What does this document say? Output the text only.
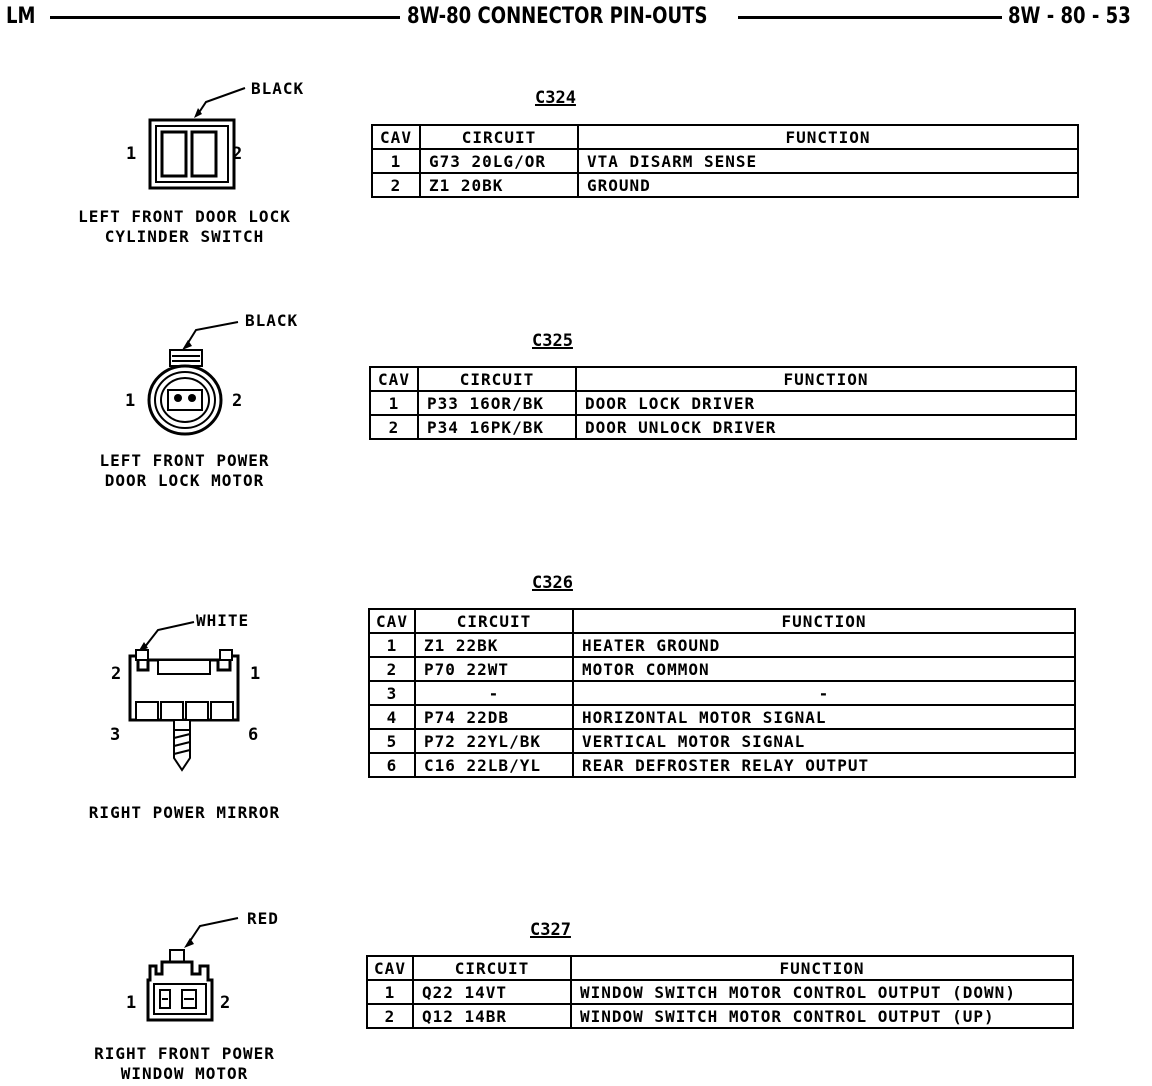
LM	8W-80 CONNECTOR PIN-OUTS	8W - 80 - 53
BLACK
1	2
LEFT FRONT DOOR LOCK
CYLINDER SWITCH
C324
CAV	CIRCUIT	FUNCTION
1	G73 20LG/OR	VTA DISARM SENSE
2	Z1 20BK	GROUND
BLACK
1	2
LEFT FRONT POWER
DOOR LOCK MOTOR
C325
CAV	CIRCUIT	FUNCTION
1	P33 16OR/BK	DOOR LOCK DRIVER
2	P34 16PK/BK	DOOR UNLOCK DRIVER
WHITE
2	1
3	6
RIGHT POWER MIRROR
C326
CAV	CIRCUIT	FUNCTION
1	Z1 22BK	HEATER GROUND
2	P70 22WT	MOTOR COMMON
3	-	-
4	P74 22DB	HORIZONTAL MOTOR SIGNAL
5	P72 22YL/BK	VERTICAL MOTOR SIGNAL
6	C16 22LB/YL	REAR DEFROSTER RELAY OUTPUT
RED
1	2
RIGHT FRONT POWER
WINDOW MOTOR
C327
CAV	CIRCUIT	FUNCTION
1	Q22 14VT	WINDOW SWITCH MOTOR CONTROL OUTPUT (DOWN)
2	Q12 14BR	WINDOW SWITCH MOTOR CONTROL OUTPUT (UP)
